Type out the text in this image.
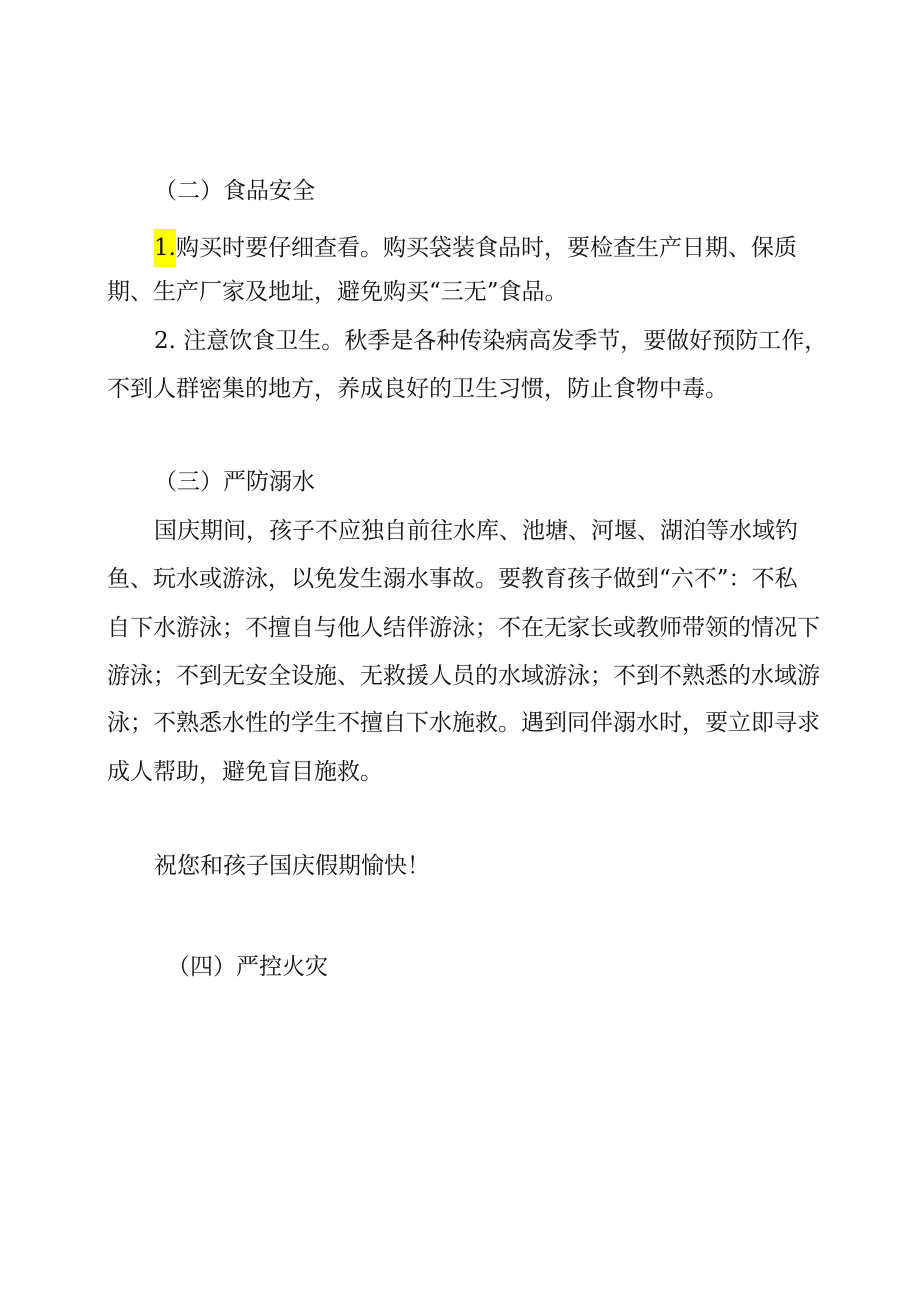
（二）食品安全
1.购买时要仔细查看。购买袋装食品时，要检查生产日期、保质
期、生产厂家及地址，避免购买“三无”食品。
2. 注意饮食卫生。秋季是各种传染病高发季节，要做好预防工作，
不到人群密集的地方，养成良好的卫生习惯，防止食物中毒。
（三）严防溺水
国庆期间，孩子不应独自前往水库、池塘、河堰、湖泊等水域钓
鱼、玩水或游泳，以免发生溺水事故。要教育孩子做到“六不”：不私
自下水游泳；不擅自与他人结伴游泳；不在无家长或教师带领的情况下
游泳；不到无安全设施、无救援人员的水域游泳；不到不熟悉的水域游
泳；不熟悉水性的学生不擅自下水施救。遇到同伴溺水时，要立即寻求
成人帮助，避免盲目施救。
祝您和孩子国庆假期愉快！
（四）严控火灾
